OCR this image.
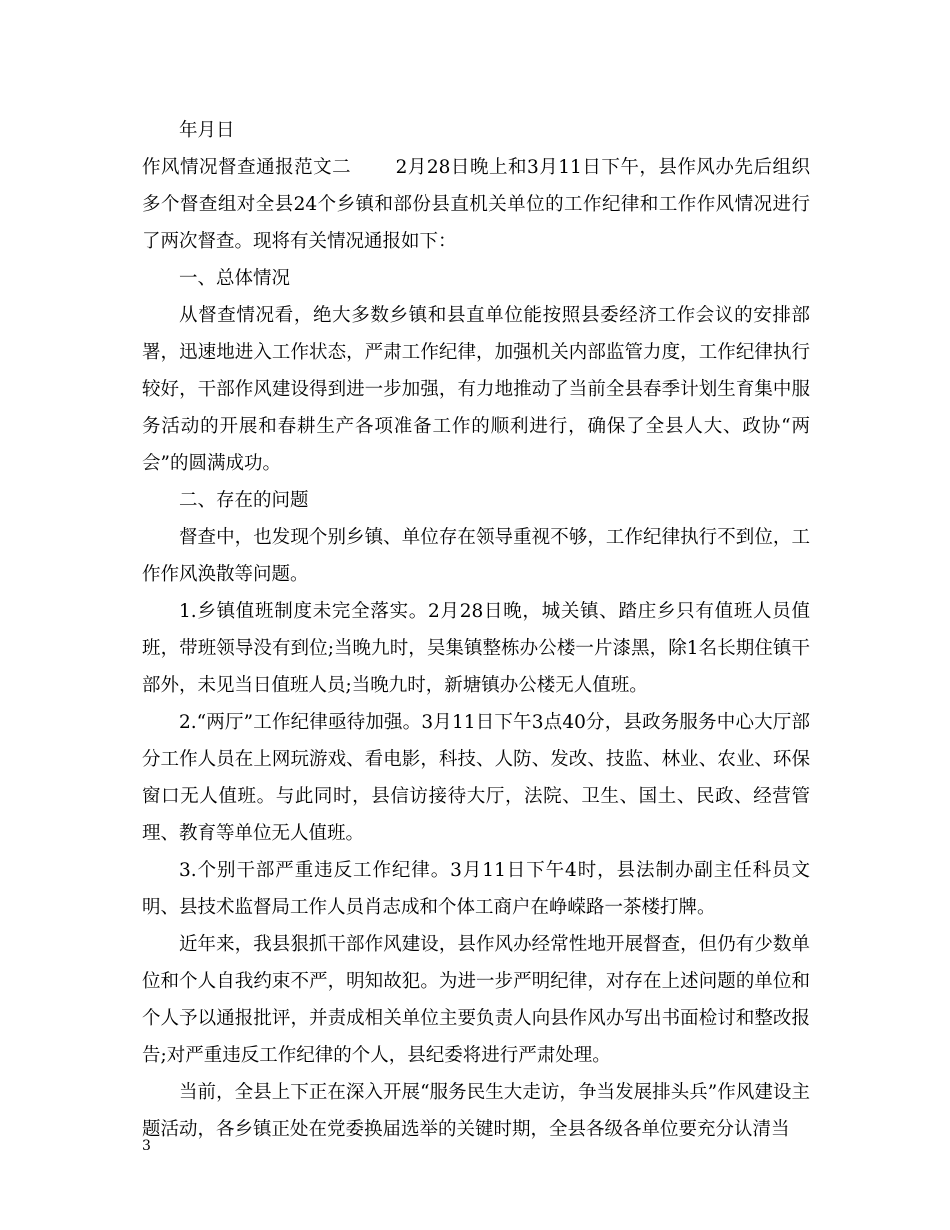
年月日

作风情况督查通报范文二　　 2月28日晚上和3月11日下午，县作风办先后组织多个督查组对全县24个乡镇和部份县直机关单位的工作纪律和工作作风情况进行了两次督查。现将有关情况通报如下：

一、总体情况

从督查情况看，绝大多数乡镇和县直单位能按照县委经济工作会议的安排部署，迅速地进入工作状态，严肃工作纪律，加强机关内部监管力度，工作纪律执行较好，干部作风建设得到进一步加强，有力地推动了当前全县春季计划生育集中服务活动的开展和春耕生产各项准备工作的顺利进行，确保了全县人大、政协“两会”的圆满成功。

二、存在的问题

督查中，也发现个别乡镇、单位存在领导重视不够，工作纪律执行不到位，工作作风涣散等问题。

1.乡镇值班制度未完全落实。2月28日晚，城关镇、踏庄乡只有值班人员值班，带班领导没有到位;当晚九时，吴集镇整栋办公楼一片漆黑，除1名长期住镇干部外，未见当日值班人员;当晚九时，新塘镇办公楼无人值班。

2.“两厅”工作纪律亟待加强。3月11日下午3点40分，县政务服务中心大厅部分工作人员在上网玩游戏、看电影，科技、人防、发改、技监、林业、农业、环保窗口无人值班。与此同时，县信访接待大厅，法院、卫生、国土、民政、经营管理、教育等单位无人值班。

3.个别干部严重违反工作纪律。3月11日下午4时，县法制办副主任科员文明、县技术监督局工作人员肖志成和个体工商户在峥嵘路一茶楼打牌。

近年来，我县狠抓干部作风建设，县作风办经常性地开展督查，但仍有少数单位和个人自我约束不严，明知故犯。为进一步严明纪律，对存在上述问题的单位和个人予以通报批评，并责成相关单位主要负责人向县作风办写出书面检讨和整改报告;对严重违反工作纪律的个人，县纪委将进行严肃处理。

当前，全县上下正在深入开展“服务民生大走访，争当发展排头兵”作风建设主题活动，各乡镇正处在党委换届选举的关键时期，全县各级各单位要充分认清当

3
